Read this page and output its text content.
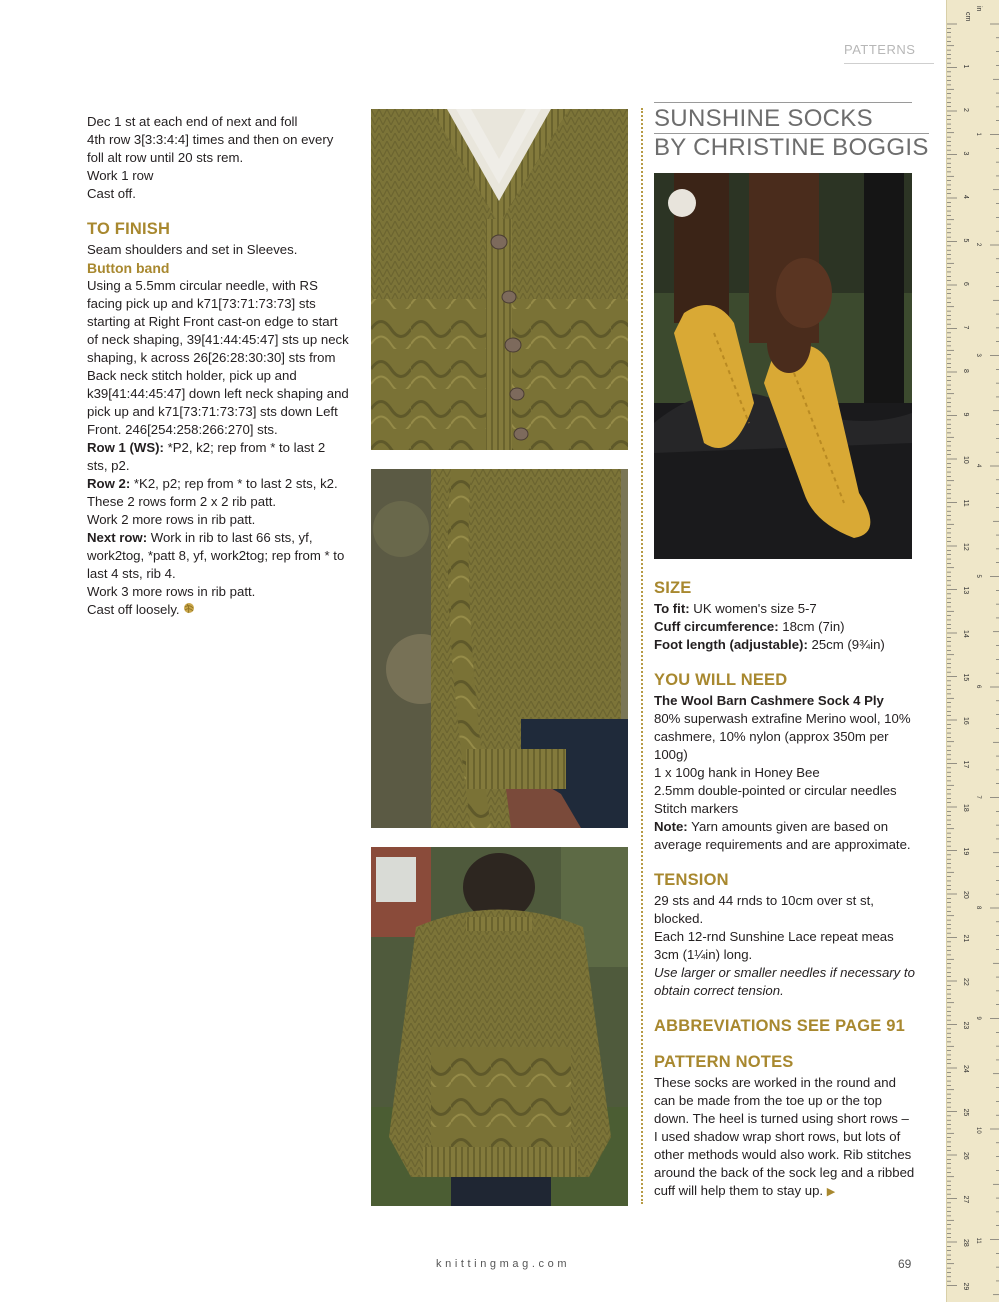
PATTERNS

Dec 1 st at each end of next and foll

4th row 3[3:3:4:4] times and then on every

foll alt row until 20 sts rem.

Work 1 row

Cast off.

TO FINISH

Seam shoulders and set in Sleeves.

Button band

Using a 5.5mm circular needle, with RS facing pick up and k71[73:71:73:73] sts starting at Right Front cast-on edge to start of neck shaping, 39[41:44:45:47] sts up neck shaping, k across 26[26:28:30:30] sts from Back neck stitch holder, pick up and k39[41:44:45:47] down left neck shaping and pick up and k71[73:71:73:73] sts down Left Front. 246[254:258:266:270] sts.

Row 1 (WS): *P2, k2; rep from * to last 2 sts, p2.

Row 2: *K2, p2; rep from * to last 2 sts, k2.

These 2 rows form 2 x 2 rib patt.

Work 2 more rows in rib patt.

Next row: Work in rib to last 66 sts, yf, work2tog, *patt 8, yf, work2tog; rep from * to last 4 sts, rib 4.

Work 3 more rows in rib patt.

Cast off loosely.

SUNSHINE SOCKS
BY CHRISTINE BOGGIS

SIZE

To fit: UK women's size 5-7

Cuff circumference: 18cm (7in)

Foot length (adjustable): 25cm (9¾in)

YOU WILL NEED

The Wool Barn Cashmere Sock 4 Ply

80% superwash extrafine Merino wool, 10% cashmere, 10% nylon (approx 350m per 100g)

1 x 100g hank in Honey Bee

2.5mm double-pointed or circular needles

Stitch markers

Note: Yarn amounts given are based on average requirements and are approximate.

TENSION

29 sts and 44 rnds to 10cm over st st, blocked.

Each 12-rnd Sunshine Lace repeat meas 3cm (1¼in) long.

Use larger or smaller needles if necessary to obtain correct tension.

ABBREVIATIONS SEE PAGE 91

PATTERN NOTES

These socks are worked in the round and can be made from the toe up or the top down. The heel is turned using short rows – I used shadow wrap short rows, but lots of other methods would also work. Rib stitches around the back of the sock leg and a ribbed cuff will help them to stay up. ▶

knittingmag.com	69
cm
in
1
2
3
4
5
6
7
8
9
10
11
12
13
14
15
16
17
18
19
20
21
22
23
24
25
26
27
28
29
1
2
3
4
5
6
7
8
9
10
11
